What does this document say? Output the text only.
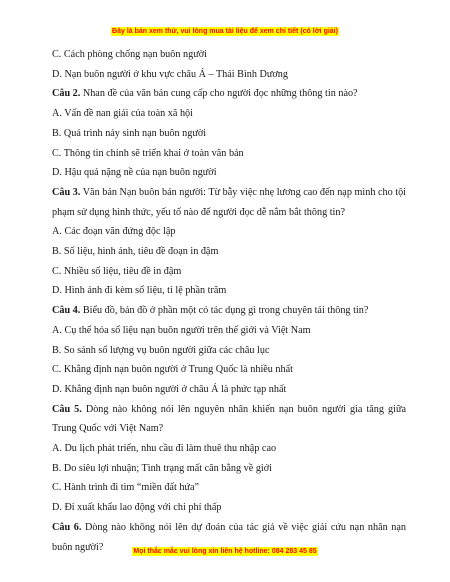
Đây là bản xem thử, vui lòng mua tài liệu để xem chi tiết (có lời giải)
C. Cách phòng chống nạn buôn người
D. Nạn buôn người ở khu vực châu Á – Thái Bình Dương
Câu 2. Nhan đề của văn bản cung cấp cho người đọc những thông tin nào?
A. Vấn đề nan giải của toàn xã hội
B. Quá trình nảy sinh nạn buôn người
C. Thông tin chính sẽ triển khai ở toàn văn bản
D. Hậu quả nặng nề của nạn buôn người
Câu 3. Văn bản Nạn buôn bán người: Từ bẫy việc nhẹ lương cao đến nạp mình cho tội phạm sử dụng hình thức, yếu tố nào để người đọc dễ nắm bắt thông tin?
A. Các đoạn văn đứng độc lập
B. Số liệu, hình ảnh, tiêu đề đoạn in đậm
C. Nhiều số liệu, tiêu đề in đậm
D. Hình ảnh đi kèm số liệu, tỉ lệ phần trăm
Câu 4. Biểu đồ, bản đồ ở phần một có tác dụng gì trong chuyên tải thông tin?
A. Cụ thể hóa số liệu nạn buôn người trên thế giới và Việt Nam
B. So sánh số lượng vụ buôn người giữa các châu lục
C. Khẳng định nạn buôn người ở Trung Quốc là nhiều nhất
D. Khẳng định nạn buôn người ở châu Á là phức tạp nhất
Câu 5. Dòng nào không nói lên nguyên nhân khiến nạn buôn người gia tăng giữa Trung Quốc với Việt Nam?
A. Du lịch phát triển, nhu cầu đi làm thuê thu nhập cao
B. Do siêu lợi nhuận; Tình trạng mất cân bằng về giới
C. Hành trình đi tìm “miền đất hứa”
D. Đi xuất khẩu lao động với chi phí thấp
Câu 6. Dòng nào không nói lên dự đoán của tác giả về việc giải cứu nạn nhân nạn buôn người?	Mọi thắc mắc vui lòng xin liên hệ hotline: 084 283 45 85
